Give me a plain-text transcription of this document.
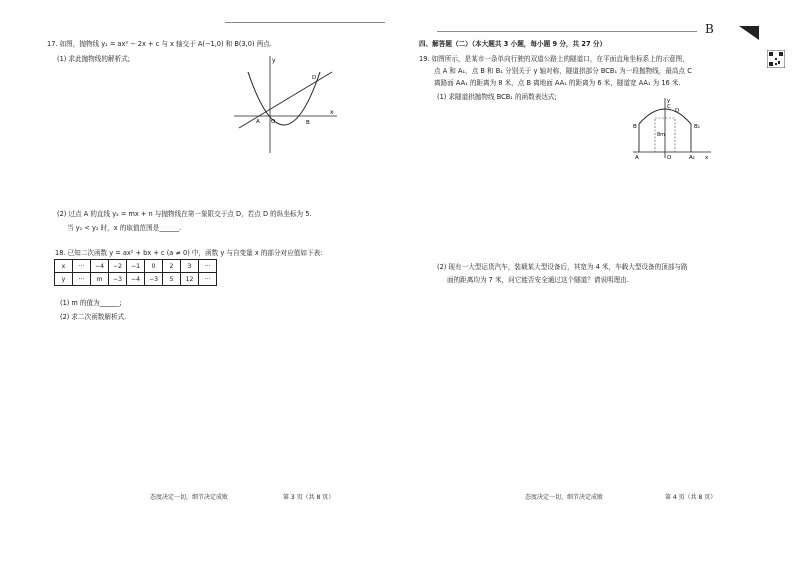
17. 如图，抛物线 y₁ = ax² − 2x + c 与 x 轴交于 A(−1,0) 和 B(3,0) 两点.
(1) 求此抛物线的解析式;	y
x
O
A	B
D
(2) 过点 A 的直线 y₂ = mx + n 与抛物线在第一象限交于点 D，若点 D 的纵坐标为 5.
当 y₁ < y₂ 时，x 的取值范围是______.
18. 已知二次函数 y = ax² + bx + c (a ≠ 0) 中，函数 y 与自变量 x 的部分对应值如下表:
x	···	−4	−2	−1	0	2	3	···
y	···	m	−3	−4	−3	5	12	···
(1) m 的值为______;
(2) 求二次函数解析式.
态度决定一切，细节决定成败	第 3 页（共 8 页）
B
四、解答题（二）（本大题共 3 小题，每小题 9 分，共 27 分）
19. 如图所示，是某市一条单向行驶的双道公路上的隧道口，在平面直角坐标系上的示意图，
点 A 和 A₁，点 B 和 B₁ 分别关于 y 轴对称，隧道拱部分 BCB₁ 为一段抛物线，最高点 C
离路面 AA₁ 的距离为 8 米，点 B 离地面 AA₁ 的距离为 6 米，隧道宽 AA₁ 为 16 米.
(1) 求隧道拱抛物线 BCB₁ 的函数表达式;
C
D
B	B₁
A	A₁
O	x
y
8m
(2) 现有一大型运货汽车，装载某大型设备后，其宽为 4 米，车载大型设备的顶部与路
面的距离均为 7 米，问它能否安全通过这个隧道？请说明理由.
态度决定一切，细节决定成败	第 4 页（共 8 页）
